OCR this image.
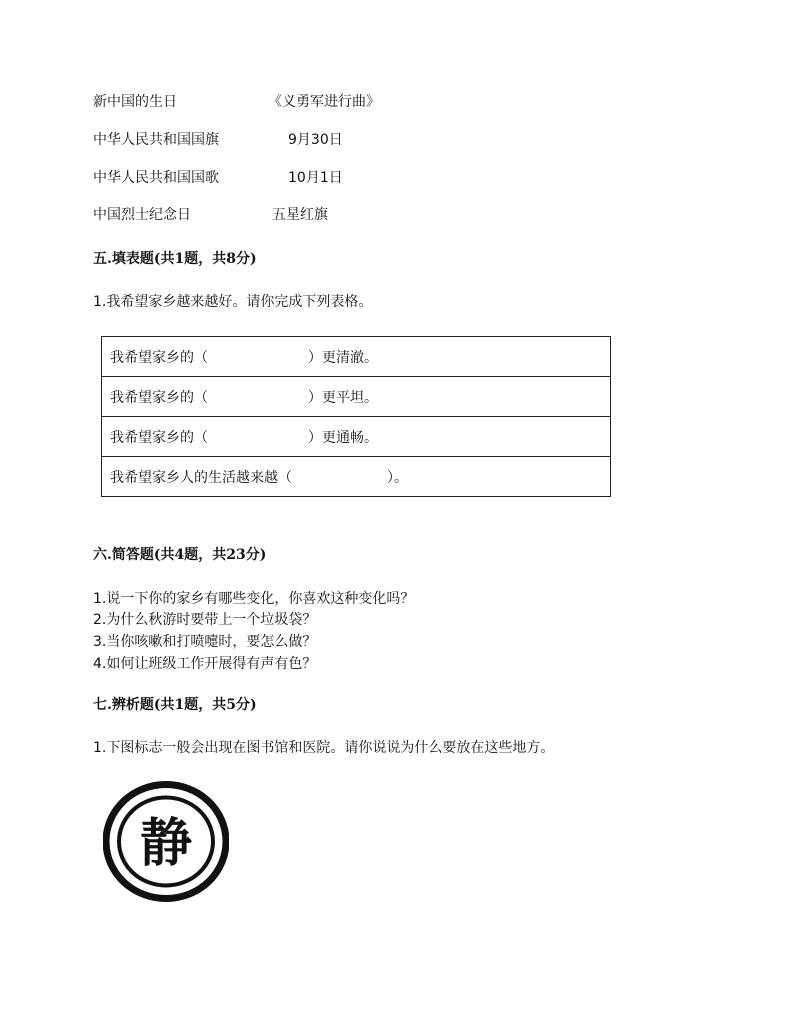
新中国的生日	《义勇军进行曲》
中华人民共和国国旗	9月30日
中华人民共和国国歌	10月1日
中国烈士纪念日	五星红旗
五.填表题(共1题，共8分)
1.我希望家乡越来越好。请你完成下列表格。
我希望家乡的（	）更清澈。
我希望家乡的（	）更平坦。
我希望家乡的（	）更通畅。
我希望家乡人的生活越来越（	）。
六.简答题(共4题，共23分)
1.说一下你的家乡有哪些变化，你喜欢这种变化吗？
2.为什么秋游时要带上一个垃圾袋？
3.当你咳嗽和打喷嚏时，要怎么做？
4.如何让班级工作开展得有声有色？
七.辨析题(共1题，共5分)
1.下图标志一般会出现在图书馆和医院。请你说说为什么要放在这些地方。
静
